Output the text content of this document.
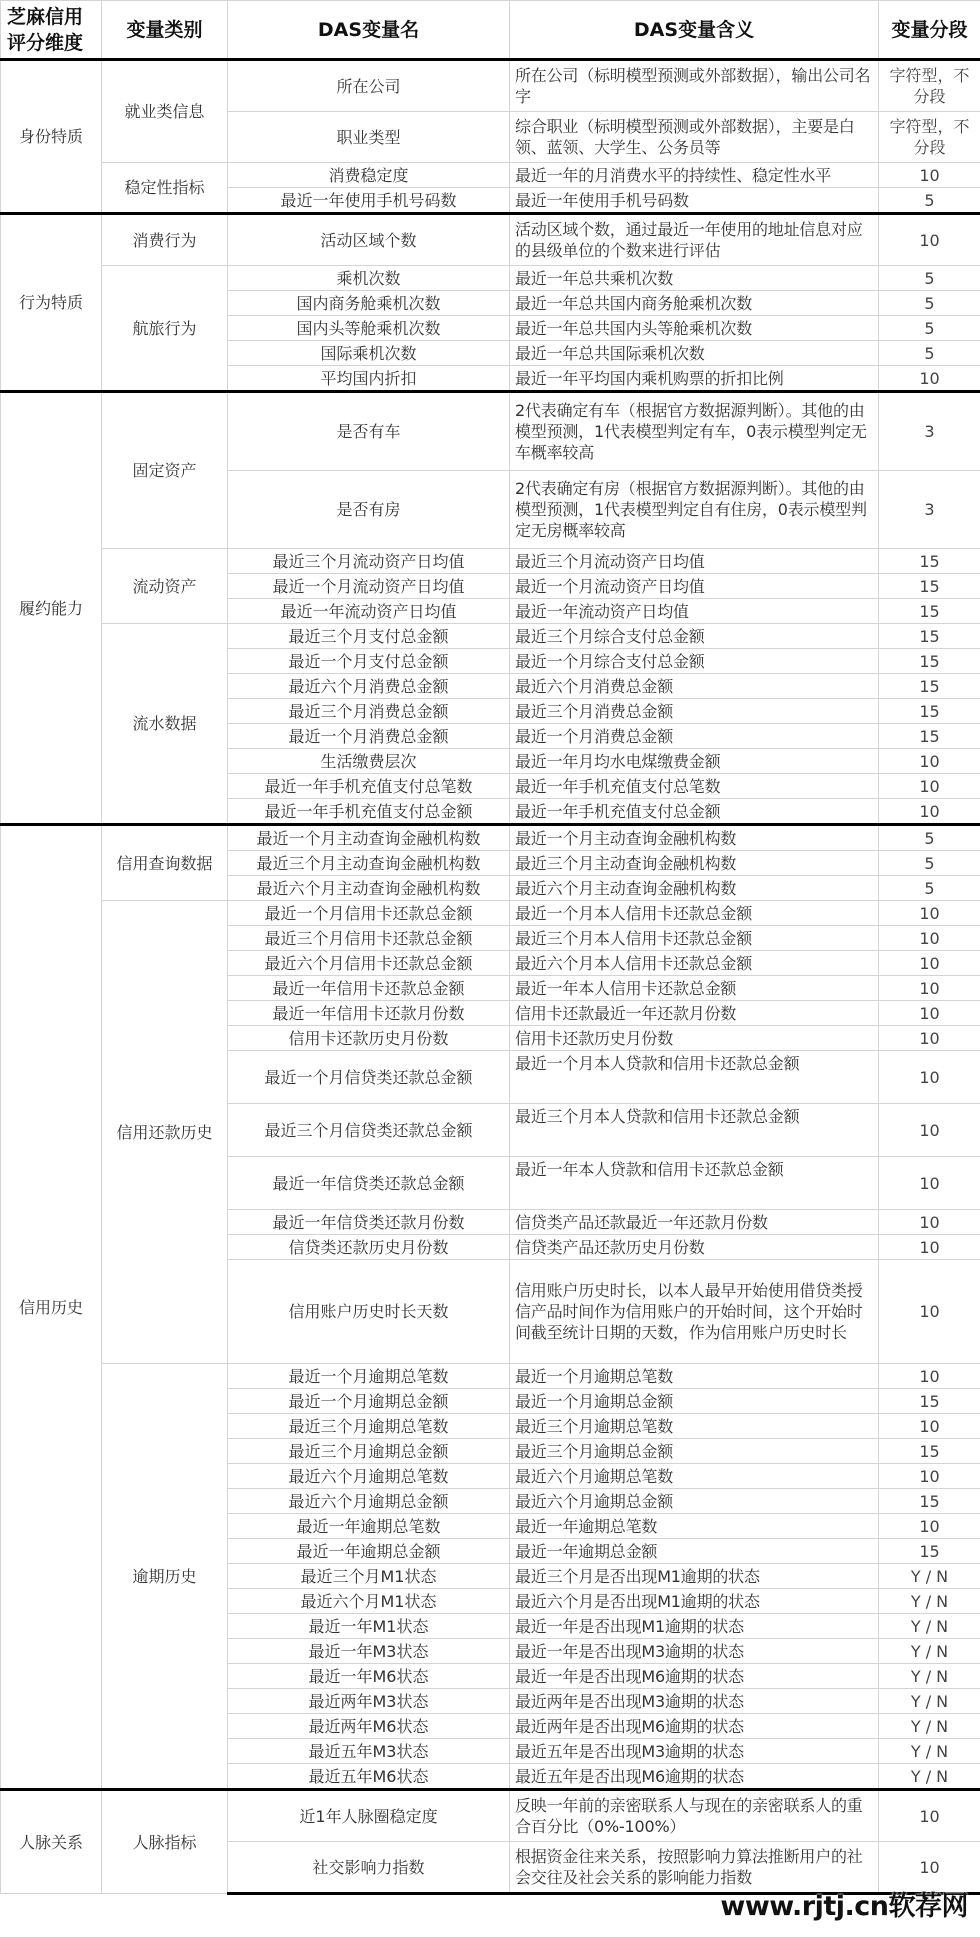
芝麻信用评分维度	变量类别	DAS变量名	DAS变量含义	变量分段
身份特质	就业类信息	所在公司	所在公司（标明模型预测或外部数据），输出公司名字	字符型，不分段
		职业类型	综合职业（标明模型预测或外部数据），主要是白领、蓝领、大学生、公务员等	字符型，不分段
	稳定性指标	消费稳定度	最近一年的月消费水平的持续性、稳定性水平	10
		最近一年使用手机号码数	最近一年使用手机号码数	5
行为特质	消费行为	活动区域个数	活动区域个数，通过最近一年使用的地址信息对应的县级单位的个数来进行评估	10
	航旅行为	乘机次数	最近一年总共乘机次数	5
		国内商务舱乘机次数	最近一年总共国内商务舱乘机次数	5
		国内头等舱乘机次数	最近一年总共国内头等舱乘机次数	5
		国际乘机次数	最近一年总共国际乘机次数	5
		平均国内折扣	最近一年平均国内乘机购票的折扣比例	10
履约能力	固定资产	是否有车	2代表确定有车（根据官方数据源判断）。其他的由模型预测，1代表模型判定有车，0表示模型判定无车概率较高	3
		是否有房	2代表确定有房（根据官方数据源判断）。其他的由模型预测，1代表模型判定自有住房，0表示模型判定无房概率较高	3
	流动资产	最近三个月流动资产日均值	最近三个月流动资产日均值	15
		最近一个月流动资产日均值	最近一个月流动资产日均值	15
		最近一年流动资产日均值	最近一年流动资产日均值	15
	流水数据	最近三个月支付总金额	最近三个月综合支付总金额	15
		最近一个月支付总金额	最近一个月综合支付总金额	15
		最近六个月消费总金额	最近六个月消费总金额	15
		最近三个月消费总金额	最近三个月消费总金额	15
		最近一个月消费总金额	最近一个月消费总金额	15
		生活缴费层次	最近一年月均水电煤缴费金额	10
		最近一年手机充值支付总笔数	最近一年手机充值支付总笔数	10
		最近一年手机充值支付总金额	最近一年手机充值支付总金额	10
信用历史	信用查询数据	最近一个月主动查询金融机构数	最近一个月主动查询金融机构数	5
		最近三个月主动查询金融机构数	最近三个月主动查询金融机构数	5
		最近六个月主动查询金融机构数	最近六个月主动查询金融机构数	5
	信用还款历史	最近一个月信用卡还款总金额	最近一个月本人信用卡还款总金额	10
		最近三个月信用卡还款总金额	最近三个月本人信用卡还款总金额	10
		最近六个月信用卡还款总金额	最近六个月本人信用卡还款总金额	10
		最近一年信用卡还款总金额	最近一年本人信用卡还款总金额	10
		最近一年信用卡还款月份数	信用卡还款最近一年还款月份数	10
		信用卡还款历史月份数	信用卡还款历史月份数	10
		最近一个月信贷类还款总金额	最近一个月本人贷款和信用卡还款总金额	10
		最近三个月信贷类还款总金额	最近三个月本人贷款和信用卡还款总金额	10
		最近一年信贷类还款总金额	最近一年本人贷款和信用卡还款总金额	10
		最近一年信贷类还款月份数	信贷类产品还款最近一年还款月份数	10
		信贷类还款历史月份数	信贷类产品还款历史月份数	10
		信用账户历史时长天数	信用账户历史时长，以本人最早开始使用借贷类授信产品时间作为信用账户的开始时间，这个开始时间截至统计日期的天数，作为信用账户历史时长	10
	逾期历史	最近一个月逾期总笔数	最近一个月逾期总笔数	10
		最近一个月逾期总金额	最近一个月逾期总金额	15
		最近三个月逾期总笔数	最近三个月逾期总笔数	10
		最近三个月逾期总金额	最近三个月逾期总金额	15
		最近六个月逾期总笔数	最近六个月逾期总笔数	10
		最近六个月逾期总金额	最近六个月逾期总金额	15
		最近一年逾期总笔数	最近一年逾期总笔数	10
		最近一年逾期总金额	最近一年逾期总金额	15
		最近三个月M1状态	最近三个月是否出现M1逾期的状态	Y / N
		最近六个月M1状态	最近六个月是否出现M1逾期的状态	Y / N
		最近一年M1状态	最近一年是否出现M1逾期的状态	Y / N
		最近一年M3状态	最近一年是否出现M3逾期的状态	Y / N
		最近一年M6状态	最近一年是否出现M6逾期的状态	Y / N
		最近两年M3状态	最近两年是否出现M3逾期的状态	Y / N
		最近两年M6状态	最近两年是否出现M6逾期的状态	Y / N
		最近五年M3状态	最近五年是否出现M3逾期的状态	Y / N
		最近五年M6状态	最近五年是否出现M6逾期的状态	Y / N
人脉关系	人脉指标	近1年人脉圈稳定度	反映一年前的亲密联系人与现在的亲密联系人的重合百分比（0%-100%）	10
		社交影响力指数	根据资金往来关系，按照影响力算法推断用户的社会交往及社会关系的影响能力指数	10
www.rjtj.cn软荐网
